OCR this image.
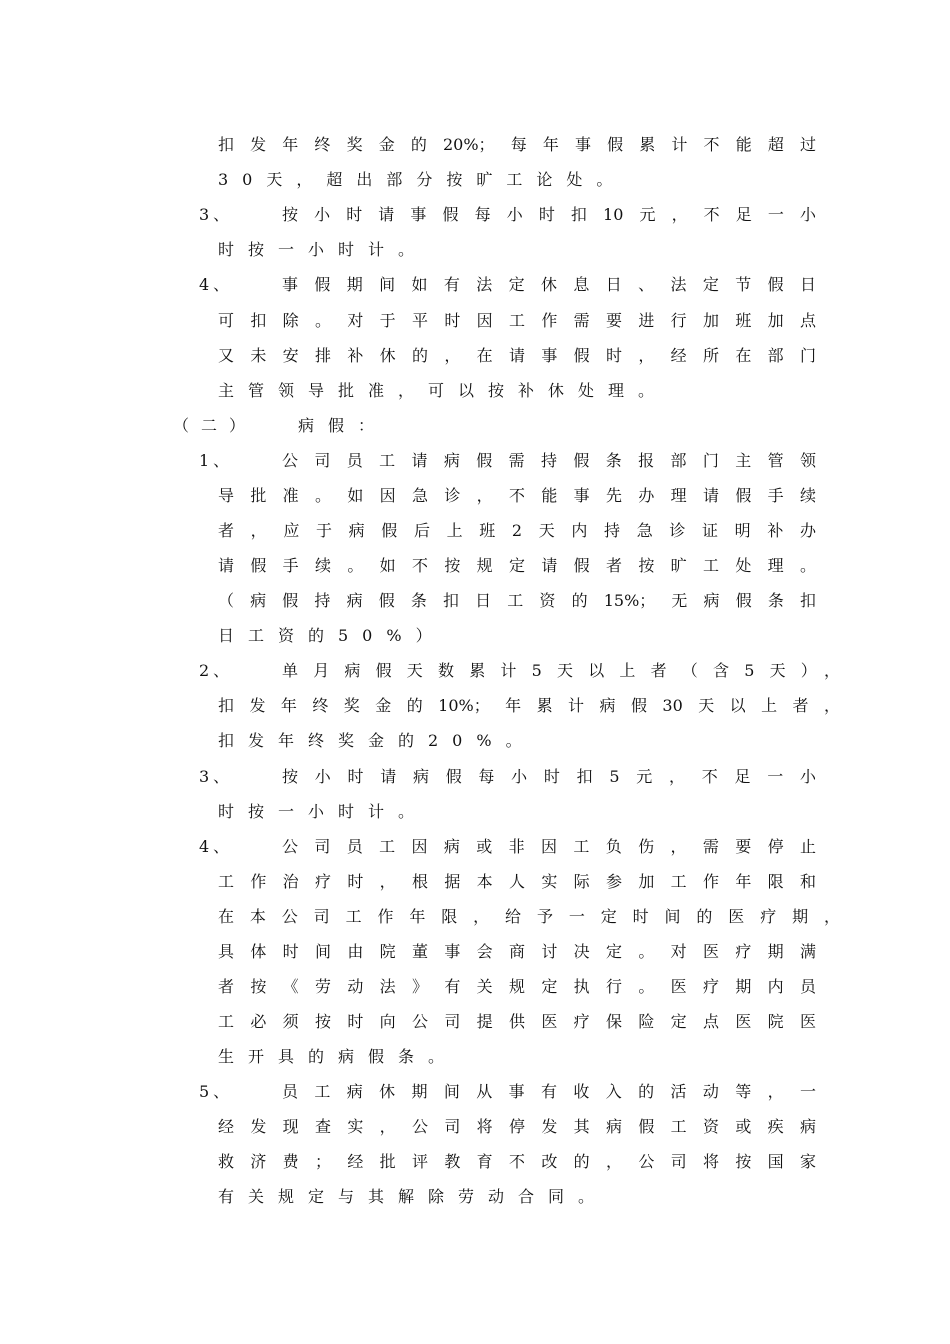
扣发年终奖金的20%；每年事假累计不能超过
30天，超出部分按旷工论处。
3、	按小时请事假每小时扣10元，不足一小
时按一小时计。
4、	事假期间如有法定休息日、法定节假日
可扣除。对于平时因工作需要进行加班加点
又未安排补休的，在请事假时，经所在部门
主管领导批准，可以按补休处理。
（二）	病假：
1、	公司员工请病假需持假条报部门主管领
导批准。如因急诊，不能事先办理请假手续
者，应于病假后上班2天内持急诊证明补办
请假手续。如不按规定请假者按旷工处理。
（病假持病假条扣日工资的15%；无病假条扣
日工资的50%）
2、	单月病假天数累计5天以上者（含5天），
扣发年终奖金的10%；年累计病假30天以上者，
扣发年终奖金的20%。
3、	按小时请病假每小时扣5元，不足一小
时按一小时计。
4、	公司员工因病或非因工负伤，需要停止
工作治疗时，根据本人实际参加工作年限和
在本公司工作年限，给予一定时间的医疗期，
具体时间由院董事会商讨决定。对医疗期满
者按《劳动法》有关规定执行。医疗期内员
工必须按时向公司提供医疗保险定点医院医
生开具的病假条。
5、	员工病休期间从事有收入的活动等，一
经发现查实，公司将停发其病假工资或疾病
救济费；经批评教育不改的，公司将按国家
有关规定与其解除劳动合同。
